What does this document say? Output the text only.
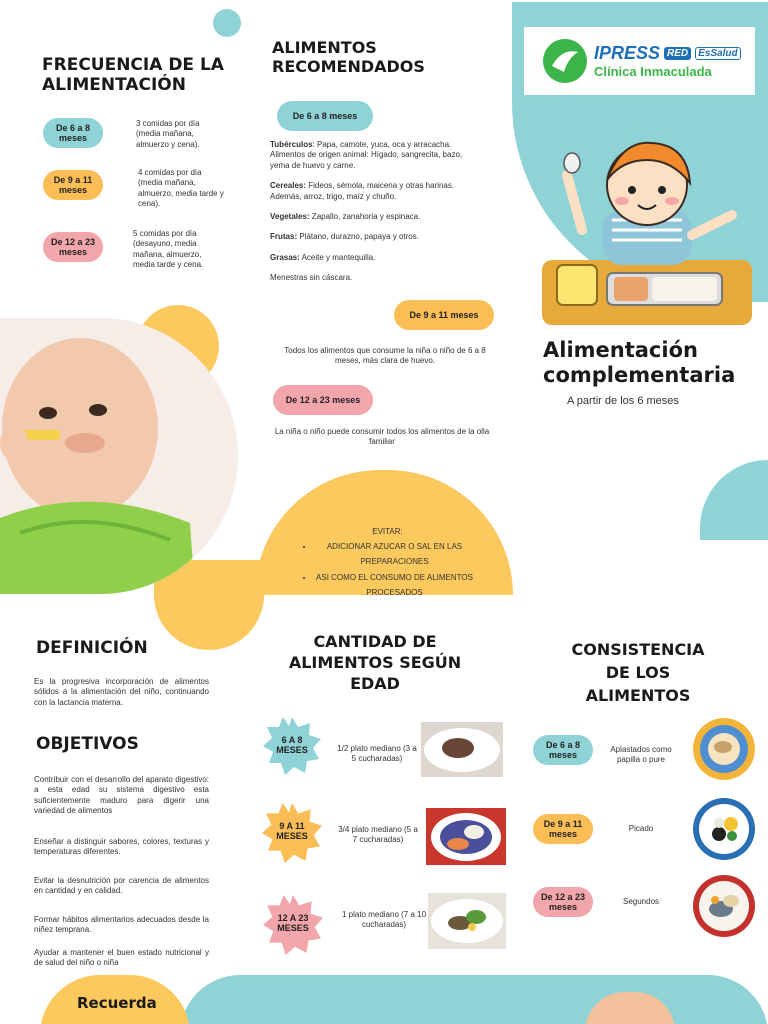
FRECUENCIA DE LA ALIMENTACIÓN
De 6 a 8 meses
3 comidas por día (media mañana, almuerzo y cena).
De 9 a 11 meses
4 comidas por día (media mañana, almuerzo, media tarde y cena).
De 12 a 23 meses
5 comidas por día (desayuno, media mañana, almuerzo, media tarde y cena.
ALIMENTOS RECOMENDADOS
De 6 a 8 meses

Tubérculos: Papa, camote, yuca, oca y arracacha. Alimentos de origen animal: Hígado, sangrecita, bazo, yema de huevo y carne.

Cereales: Fideos, sémola, maicena y otras harinas. Además, arroz, trigo, maíz y chuño.

Vegetales: Zapallo, zanahoria y espinaca.

Frutas: Plátano, durazno, papaya y otros.

Grasas: Aceite y mantequilla.

Menestras sin cáscara.

De 9 a 11 meses
Todos los alimentos que consume la niña o niño de 6 a 8 meses, más clara de huevo.
De 12 a 23 meses
La niña o niño puede consumir todos los alimentos de la olla familiar
EVITAR:
• ADICIONAR AZUCAR O SAL EN LAS PREPARACIONES
• ASI COMO EL CONSUMO DE ALIMENTOS PROCESADOS
IPRESS RED	EsSalud
Clínica Inmaculada
Alimentación
complementaria
A partir de los 6 meses
DEFINICIÓN
Es la progresiva incorporación de alimentos sólidos a la alimentación del niño, continuando con la lactancia materna.
OBJETIVOS
Contribuir con el desarrollo del aparato digestivo: a esta edad su sistema digestivo esta suficientemente maduro para digerir una variedad de alimentos
Enseñar a distinguir sabores, colores, texturas y temperaturas diferentes.
Evitar la desnutrición por carencia de alimentos en cantidad y en calidad.
Formar hábitos alimentarios adecuados desde la niñez temprana.
Ayudar a mantener el buen estado nutricional y de salud del niño o niña
Recuerda
CANTIDAD DE ALIMENTOS SEGÚN EDAD
6 A 8 MESES	1/2 plato mediano (3 a 5 cucharadas)
9 A 11 MESES
3/4 plato mediano (5 a 7 cucharadas)
12 A 23 MESES
1 plato mediano (7 a 10 cucharadas)
CONSISTENCIA DE LOS ALIMENTOS
De 6 a 8 meses
Aplastados como papilla o pure
De 9 a 11 meses
Picado
De 12 a 23 meses
Segundos
